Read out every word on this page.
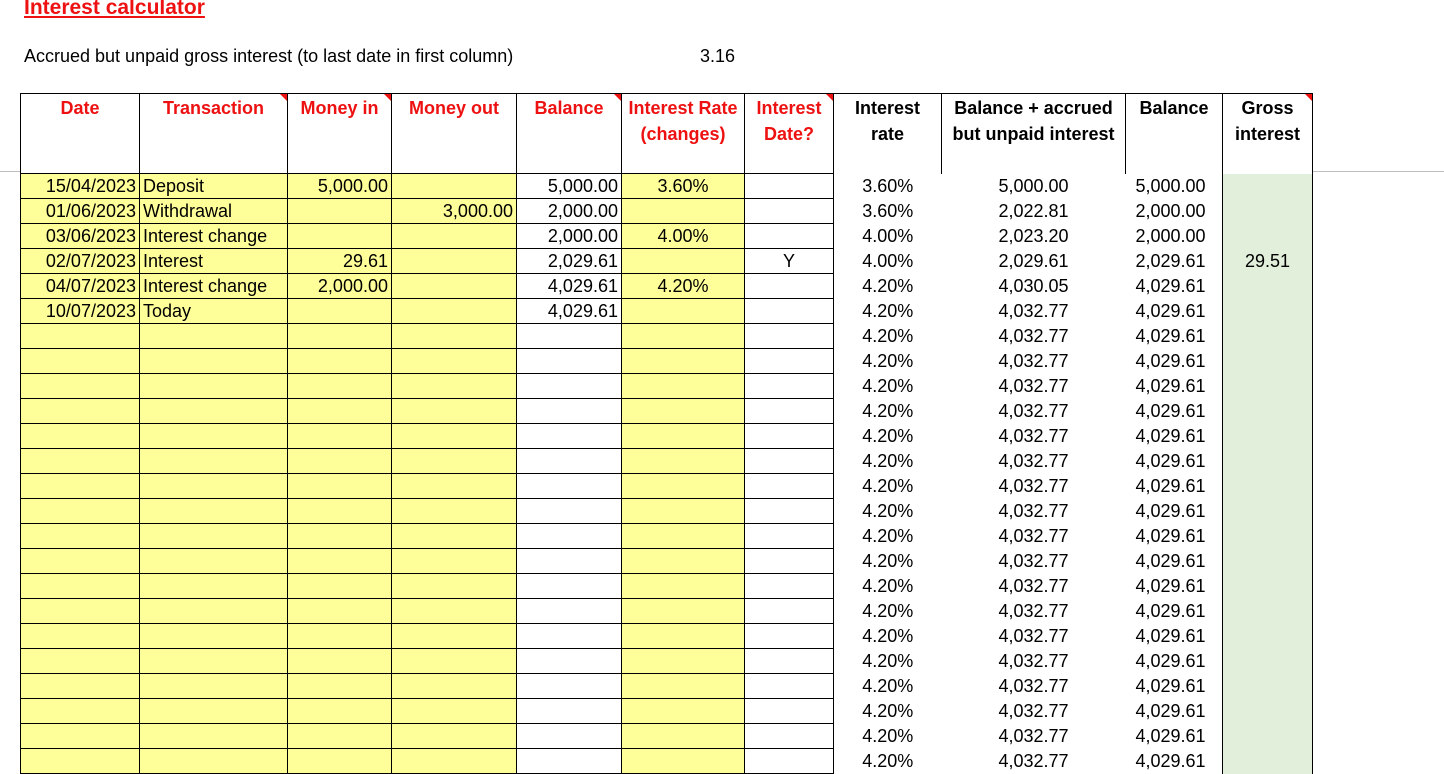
Interest calculator
Accrued but unpaid gross interest (to last date in first column)	3.16
Date	Transaction	Money in	Money out	Balance	Interest Rate (changes)	Interest Date?	Interest rate	Balance + accrued but unpaid interest	Balance	Gross interest

15/04/2023	Deposit	5,000.00		5,000.00	3.60%		3.60%	5,000.00	5,000.00	
01/06/2023	Withdrawal		3,000.00	2,000.00			3.60%	2,022.81	2,000.00	
03/06/2023	Interest change			2,000.00	4.00%		4.00%	2,023.20	2,000.00	
02/07/2023	Interest	29.61		2,029.61		Y	4.00%	2,029.61	2,029.61	29.51
04/07/2023	Interest change	2,000.00		4,029.61	4.20%		4.20%	4,030.05	4,029.61	
10/07/2023	Today			4,029.61			4.20%	4,032.77	4,029.61	
							4.20%	4,032.77	4,029.61	
							4.20%	4,032.77	4,029.61	
							4.20%	4,032.77	4,029.61	
							4.20%	4,032.77	4,029.61	
							4.20%	4,032.77	4,029.61	
							4.20%	4,032.77	4,029.61	
							4.20%	4,032.77	4,029.61	
							4.20%	4,032.77	4,029.61	
							4.20%	4,032.77	4,029.61	
							4.20%	4,032.77	4,029.61	
							4.20%	4,032.77	4,029.61	
							4.20%	4,032.77	4,029.61	
							4.20%	4,032.77	4,029.61	
							4.20%	4,032.77	4,029.61	
							4.20%	4,032.77	4,029.61	
							4.20%	4,032.77	4,029.61	
							4.20%	4,032.77	4,029.61	
							4.20%	4,032.77	4,029.61	
